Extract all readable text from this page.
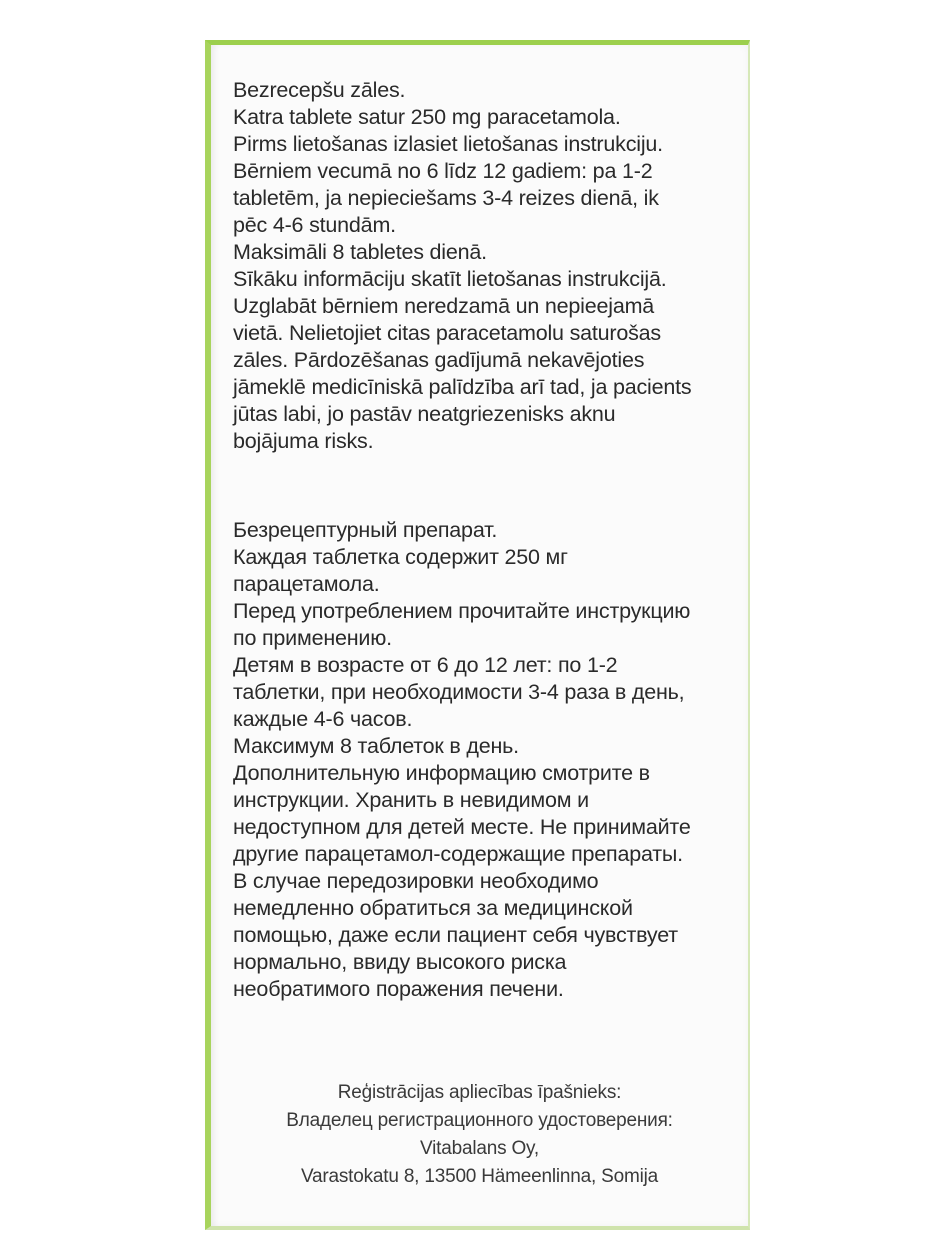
Bezrecepšu zāles.

Katra tablete satur 250 mg paracetamola.

Pirms lietošanas izlasiet lietošanas instrukciju.

Bērniem vecumā no 6 līdz 12 gadiem: pa 1-2
tabletēm, ja nepieciešams 3-4 reizes dienā, ik
pēc 4-6 stundām.

Maksimāli 8 tabletes dienā.

Sīkāku informāciju skatīt lietošanas instrukcijā.

Uzglabāt bērniem neredzamā un nepieejamā
vietā. Nelietojiet citas paracetamolu saturošas
zāles. Pārdozēšanas gadījumā nekavējoties
jāmeklē medicīniskā palīdzība arī tad, ja pacients
jūtas labi, jo pastāv neatgriezenisks aknu
bojājuma risks.

Безрецептурный препарат.

Каждая таблетка содержит 250 мг
парацетамола.

Перед употреблением прочитайте инструкцию
по применению.

Детям в возрасте от 6 до 12 лет: по 1-2
таблетки, при необходимости 3-4 раза в день,
каждые 4-6 часов.

Максимум 8 таблеток в день.

Дополнительную информацию смотрите в
инструкции. Хранить в невидимом и
недоступном для детей месте. Не принимайте
другие парацетамол-содержащие препараты.
В случае передозировки необходимо
немедленно обратиться за медицинской
помощью, даже если пациент себя чувствует
нормально, ввиду высокого риска
необратимого поражения печени.

Reģistrācijas apliecības īpašnieks:

Владелец регистрационного удостоверения:

Vitabalans Oy,

Varastokatu 8, 13500 Hämeenlinna, Somija
